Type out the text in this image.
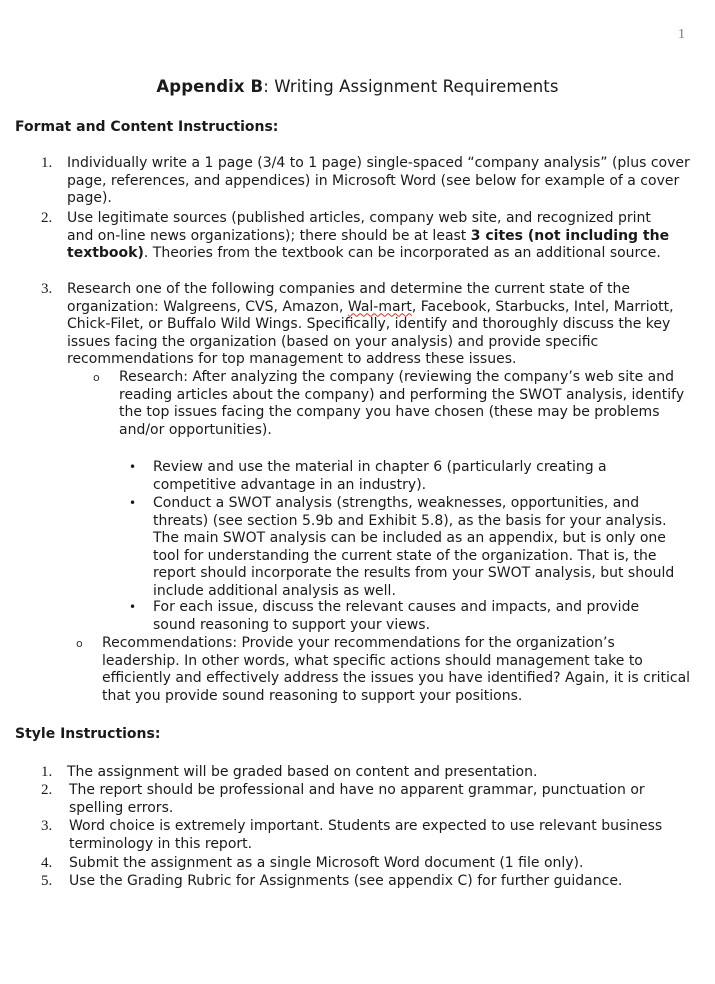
1
Appendix B: Writing Assignment Requirements
Format and Content Instructions:
1. Individually write a 1 page (3/4 to 1 page) single-spaced “company analysis” (plus cover page, references, and appendices) in Microsoft Word (see below for example of a cover page).

2. Use legitimate sources (published articles, company web site, and recognized print and on-line news organizations); there should be at least 3 cites (not including the textbook). Theories from the textbook can be incorporated as an additional source.

3. Research one of the following companies and determine the current state of the organization: Walgreens, CVS, Amazon, Wal-mart, Facebook, Starbucks, Intel, Marriott, Chick-Filet, or Buffalo Wild Wings. Specifically, identify and thoroughly discuss the key issues facing the organization (based on your analysis) and provide specific recommendations for top management to address these issues.

o Research: After analyzing the company (reviewing the company’s web site and reading articles about the company) and performing the SWOT analysis, identify the top issues facing the company you have chosen (these may be problems and/or opportunities).

• Review and use the material in chapter 6 (particularly creating a competitive advantage in an industry).

• Conduct a SWOT analysis (strengths, weaknesses, opportunities, and threats) (see section 5.9b and Exhibit 5.8), as the basis for your analysis. The main SWOT analysis can be included as an appendix, but is only one tool for understanding the current state of the organization. That is, the report should incorporate the results from your SWOT analysis, but should include additional analysis as well.

• For each issue, discuss the relevant causes and impacts, and provide sound reasoning to support your views.

o Recommendations: Provide your recommendations for the organization’s leadership. In other words, what specific actions should management take to efficiently and effectively address the issues you have identified? Again, it is critical that you provide sound reasoning to support your positions.

Style Instructions:
1. The assignment will be graded based on content and presentation.

2. The report should be professional and have no apparent grammar, punctuation or spelling errors.

3. Word choice is extremely important. Students are expected to use relevant business terminology in this report.

4. Submit the assignment as a single Microsoft Word document (1 file only).

5. Use the Grading Rubric for Assignments (see appendix C) for further guidance.
